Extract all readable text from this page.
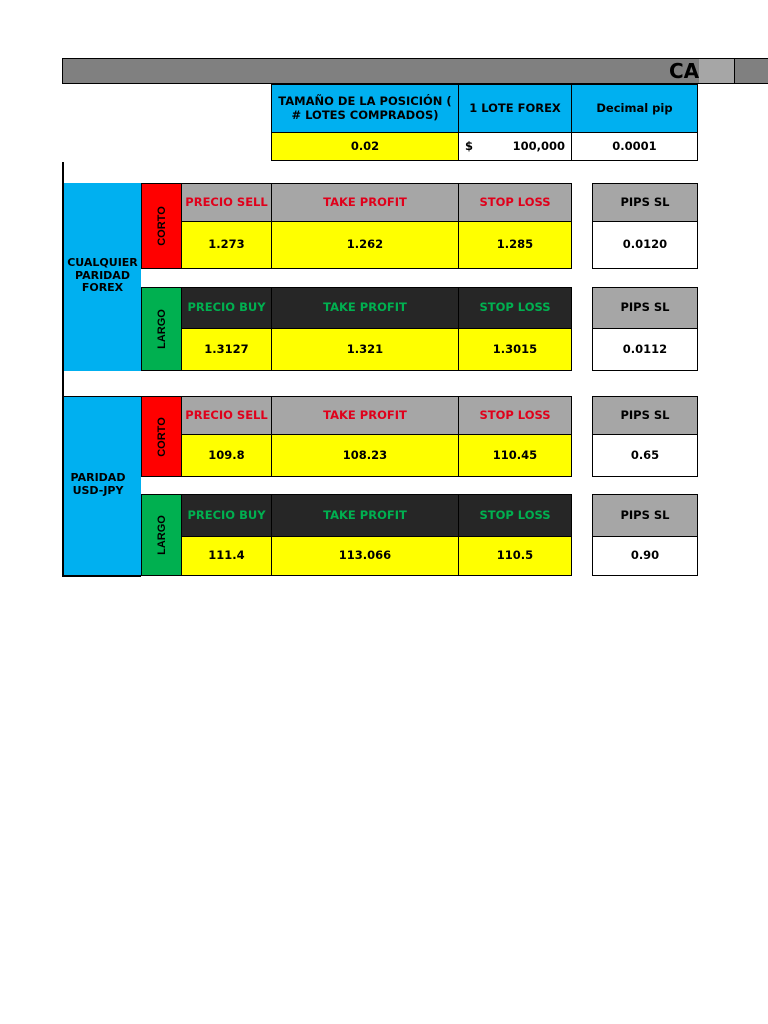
CA
TAMAÑO DE LA POSICIÓN ( # LOTES COMPRADOS)	1 LOTE FOREX	Decimal pip
0.02	$	100,000	0.0001
CUALQUIER PARIDAD FOREX
CORTO
PRECIO SELL	TAKE PROFIT	STOP LOSS
1.273	1.262	1.285
PIPS SL
0.0120
LARGO
PRECIO BUY	TAKE PROFIT	STOP LOSS
1.3127	1.321	1.3015
PIPS SL
0.0112
PARIDAD USD-JPY
CORTO
PRECIO SELL	TAKE PROFIT	STOP LOSS
109.8	108.23	110.45
PIPS SL
0.65
LARGO
PRECIO BUY	TAKE PROFIT	STOP LOSS
111.4	113.066	110.5
PIPS SL
0.90
